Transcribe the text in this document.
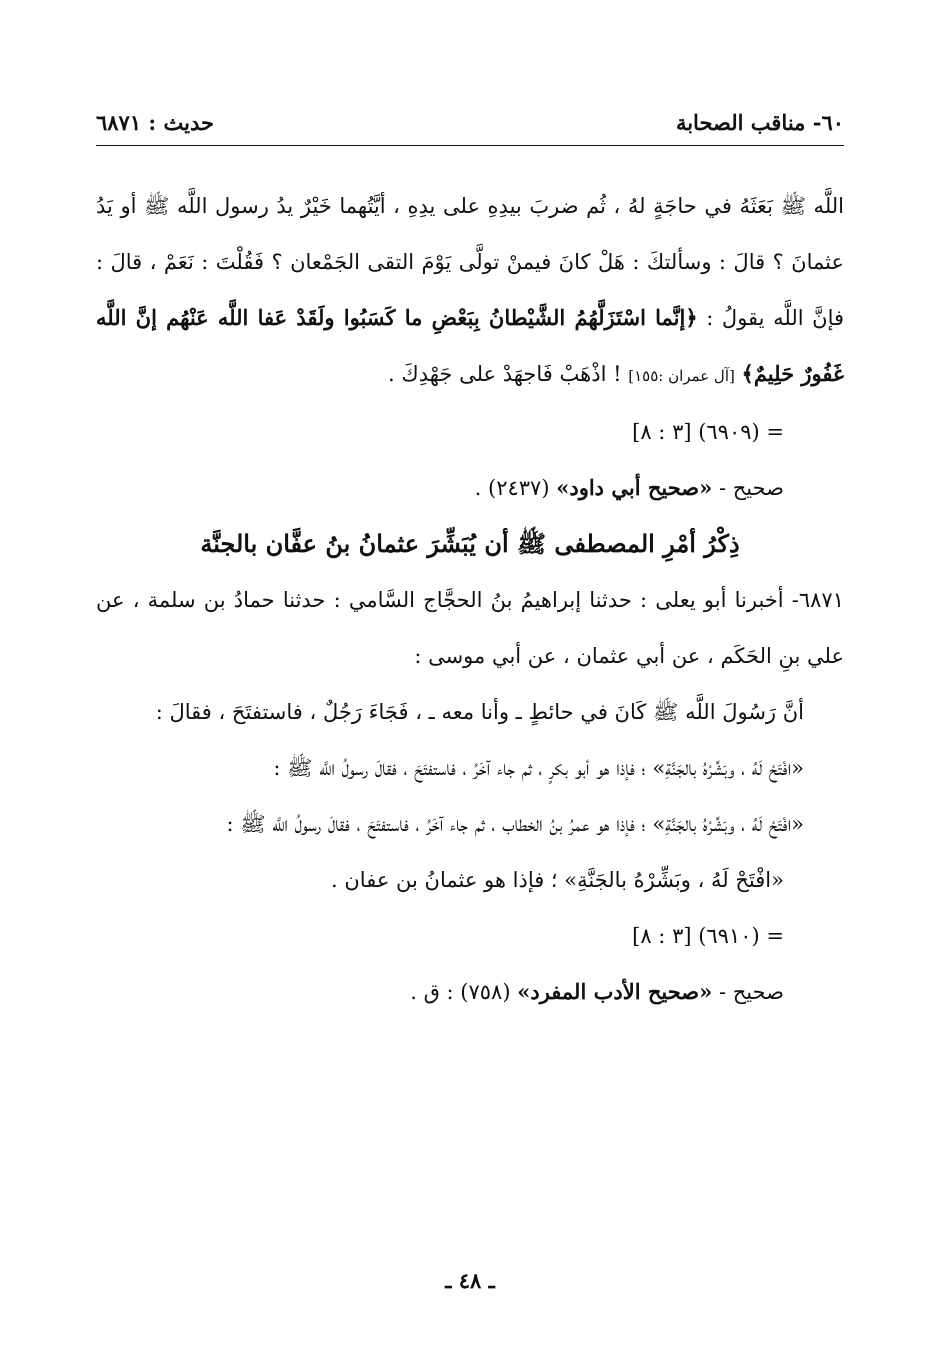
٦٠- مناقب الصحابة
حديث : ٦٨٧١

اللَّه ﷺ بَعَثَهُ في حاجَةٍ لهُ ، ثُم ضربَ بيدِهِ على يدِهِ ، أيَّتُهما خَيْرٌ يدُ رسول اللَّه ﷺ أو يَدُ عثمانَ ؟ قالَ : وسألتكَ : هَلْ كانَ فيمنْ تولَّى يَوْمَ التقى الجَمْعان ؟ فَقُلْتَ : نَعَمْ ، قالَ : فإنَّ اللَّه يقولُ : ﴿إنَّما اسْتَزَلَّهُمُ الشَّيْطانُ بِبَعْضِ ما كَسَبُوا ولَقَدْ عَفا اللَّه عَنْهُم إنَّ اللَّه غَفُورٌ حَلِيمٌ﴾ [آل عمران :١٥٥] ! اذْهَبْ فَاجهَدْ على جَهْدِكَ .

= (٦٩٠٩) [٣ : ٨]

صحيح - «صحيح أبي داود» (٢٤٣٧) .

ذِكْرُ أمْرِ المصطفى ﷺ أن يُبَشِّرَ عثمانُ بنُ عفَّان بالجنَّة

٦٨٧١- أخبرنا أبو يعلى : حدثنا إبراهيمُ بنُ الحجَّاج السَّامي : حدثنا حمادُ بن سلمة ، عن علي بنِ الحَكَم ، عن أبي عثمان ، عن أبي موسى :

أنَّ رَسُولَ اللَّه ﷺ كَانَ في حائطٍ ـ وأنا معه ـ ، فَجَاءَ رَجُلٌ ، فاستفتَحَ ، فقالَ :

«افْتَحْ لَهُ ، وبَشِّرْهُ بالجَنَّةِ» ؛ فإذا هو أبو بكرٍ ، ثم جاء آخَرُ ، فاستفتَحَ ، فقالَ رسولُ اللَّه ﷺ :

«افْتَحْ لَهُ ، وبَشِّرْهُ بالجَنَّةِ» ؛ فإذا هو عمرُ بنُ الخطاب ، ثم جاء آخَرُ ، فاستفتَحَ ، فقالَ رسولُ اللَّه ﷺ :

«افْتَحْ لَهُ ، وبَشِّرْهُ بالجَنَّةِ» ؛ فإذا هو عثمانُ بن عفان .

= (٦٩١٠) [٣ : ٨]

صحيح - «صحيح الأدب المفرد» (٧٥٨) : ق .

ـ ٤٨ ـ
